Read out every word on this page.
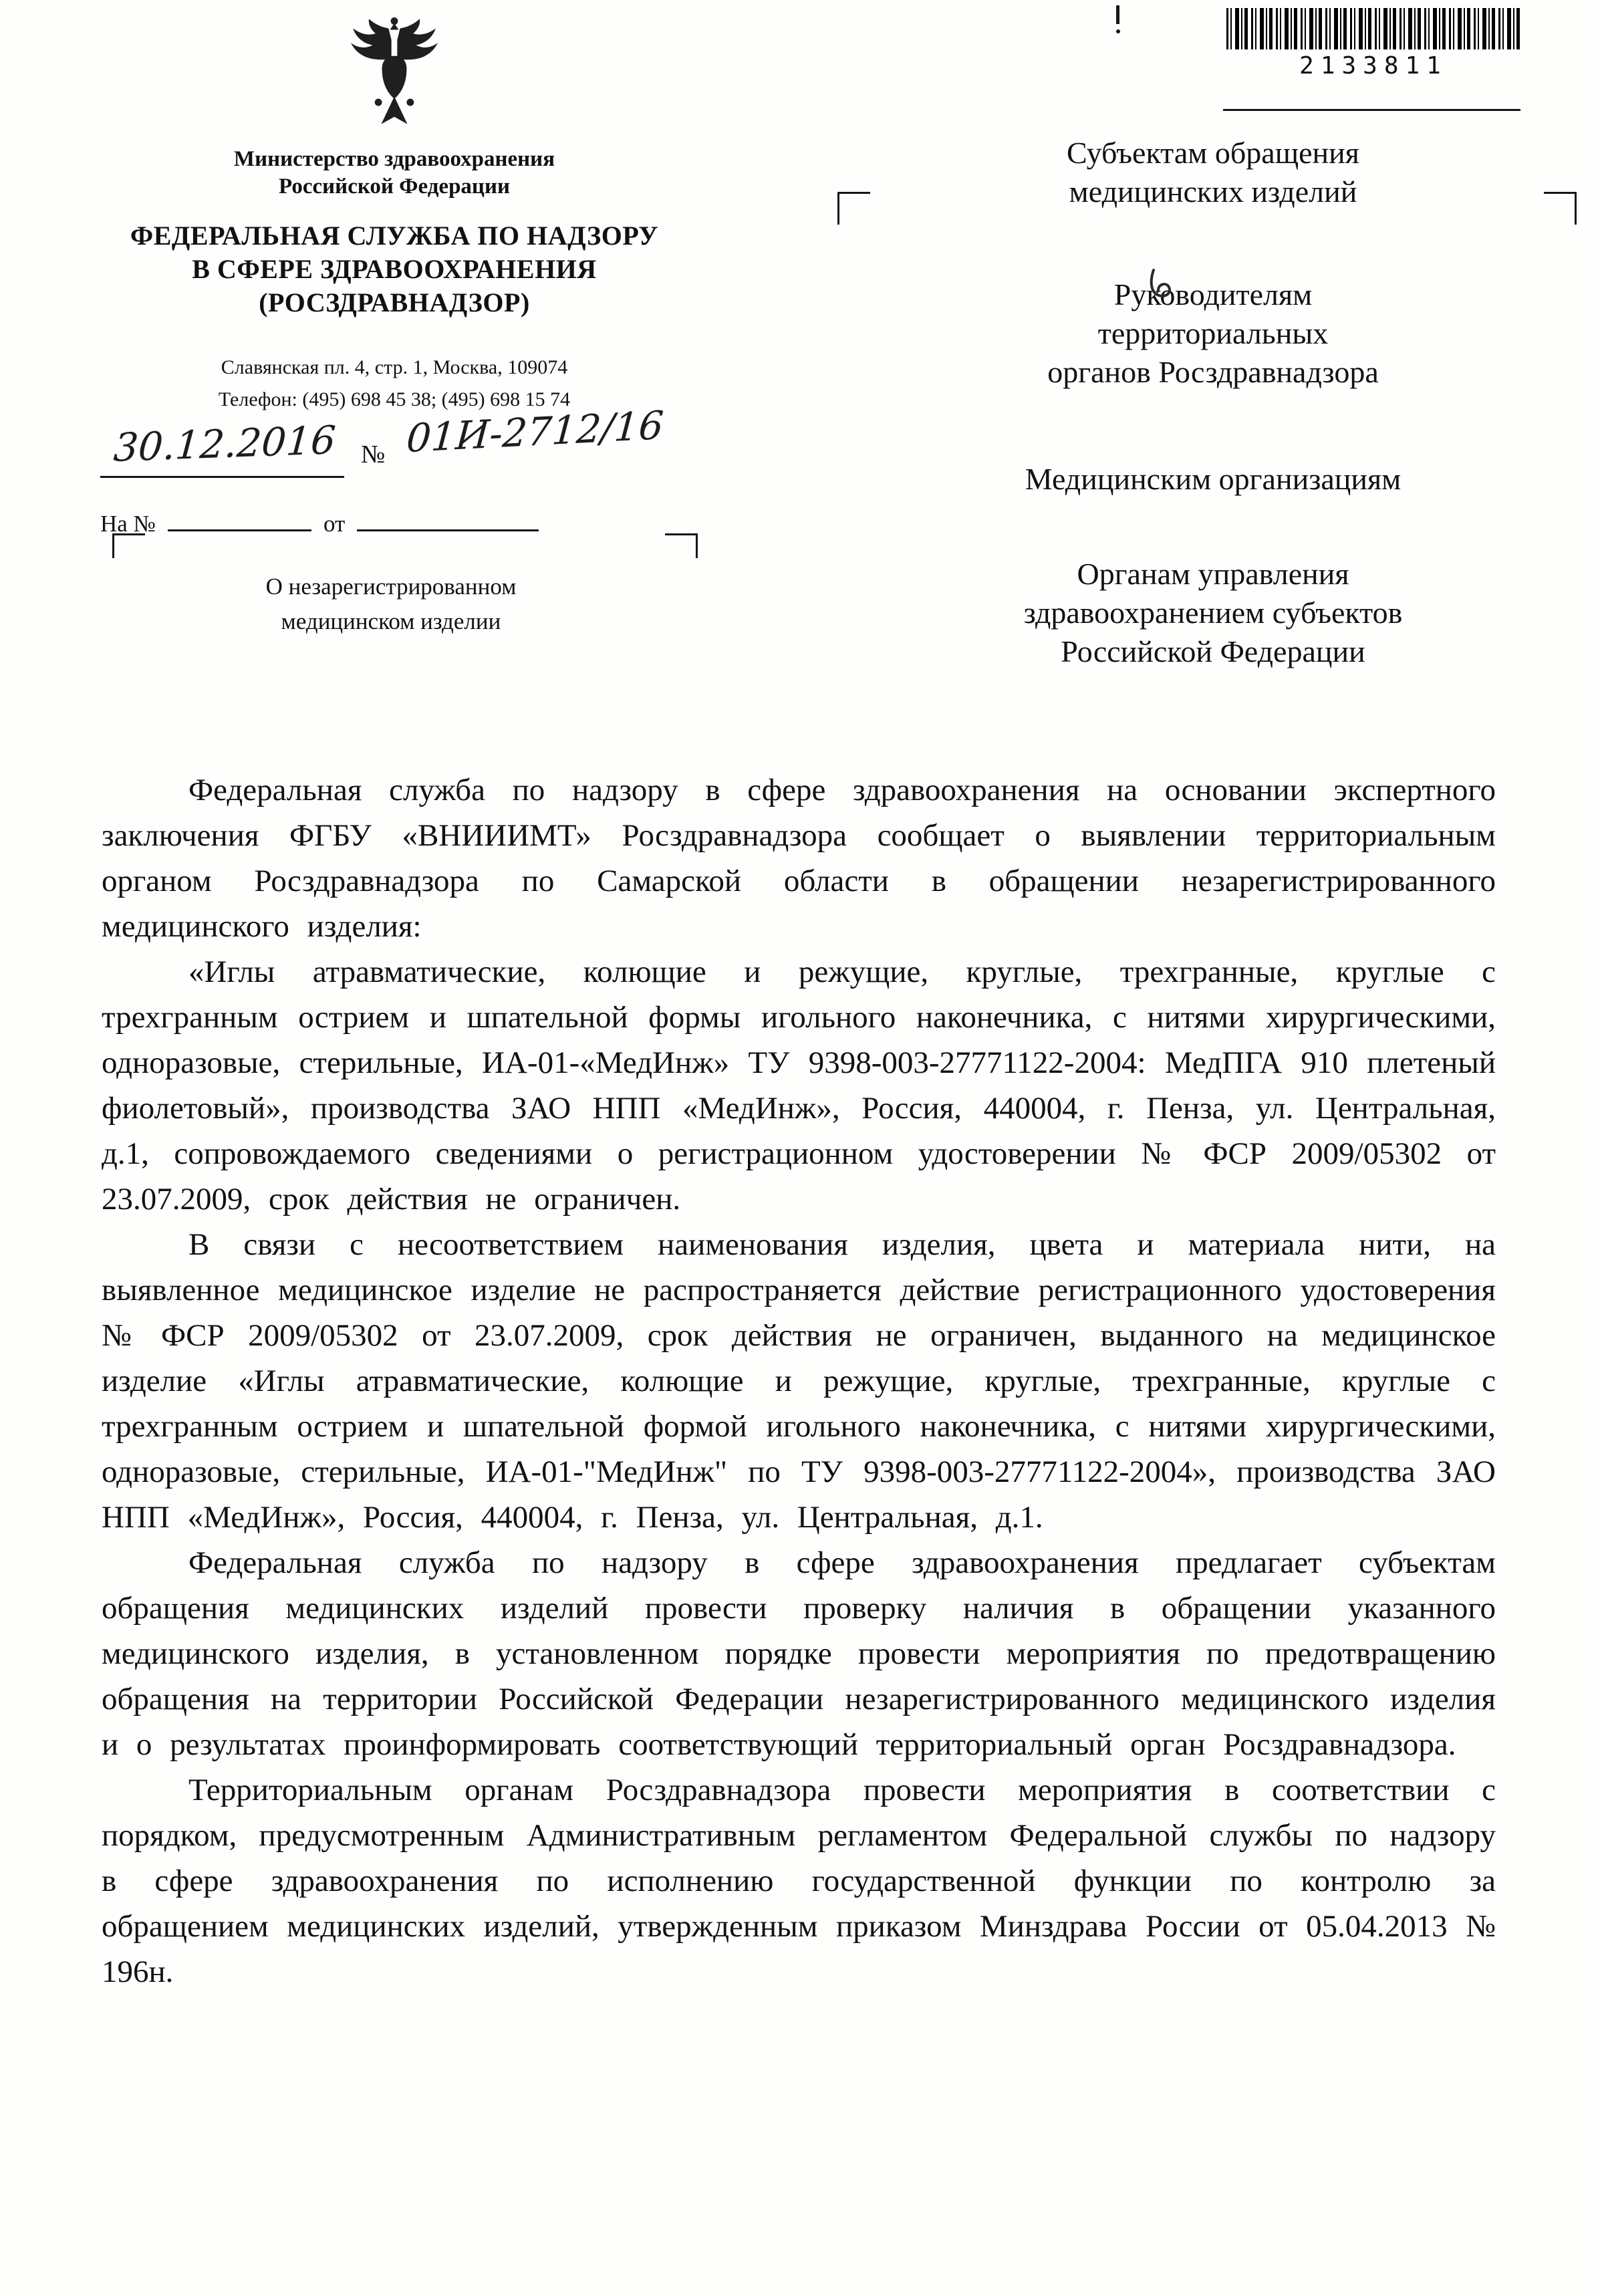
Министерство здравоохранения
Российской Федерации
ФЕДЕРАЛЬНАЯ СЛУЖБА ПО НАДЗОРУ
В СФЕРЕ ЗДРАВООХРАНЕНИЯ
(РОСЗДРАВНАДЗОР)
Славянская пл. 4, стр. 1, Москва, 109074
Телефон: (495) 698 45 38; (495) 698 15 74
30.12.2016 № 01И-2712/16
На №	от
О незарегистрированном
медицинском изделии
2133811
Субъектам обращения
медицинских изделий
Руководителям
территориальных
органов Росздравнадзора
Медицинским организациям
Органам управления
здравоохранением субъектов
Российской Федерации

Федеральная служба по надзору в сфере здравоохранения на основании экспертного заключения ФГБУ «ВНИИИМТ» Росздравнадзора сообщает о выявлении территориальным органом Росздравнадзора по Самарской области в обращении незарегистрированного медицинского изделия:

«Иглы атравматические, колющие и режущие, круглые, трехгранные, круглые с трехгранным острием и шпательной формы игольного наконечника, с нитями хирургическими, одноразовые, стерильные, ИА-01-«МедИнж» ТУ 9398-003-27771122-2004: МедПГА 910 плетеный фиолетовый», производства ЗАО НПП «МедИнж», Россия, 440004, г. Пенза, ул. Центральная, д.1, сопровождаемого сведениями о регистрационном удостоверении № ФСР 2009/05302 от 23.07.2009, срок действия не ограничен.

В связи с несоответствием наименования изделия, цвета и материала нити, на выявленное медицинское изделие не распространяется действие регистрационного удостоверения № ФСР 2009/05302 от 23.07.2009, срок действия не ограничен, выданного на медицинское изделие «Иглы атравматические, колющие и режущие, круглые, трехгранные, круглые с трехгранным острием и шпательной формой игольного наконечника, с нитями хирургическими, одноразовые, стерильные, ИА-01-"МедИнж" по ТУ 9398-003-27771122-2004», производства ЗАО НПП «МедИнж», Россия, 440004, г. Пенза, ул. Центральная, д.1.

Федеральная служба по надзору в сфере здравоохранения предлагает субъектам обращения медицинских изделий провести проверку наличия в обращении указанного медицинского изделия, в установленном порядке провести мероприятия по предотвращению обращения на территории Российской Федерации незарегистрированного медицинского изделия и о результатах проинформировать соответствующий территориальный орган Росздравнадзора.

Территориальным органам Росздравнадзора провести мероприятия в соответствии с порядком, предусмотренным Административным регламентом Федеральной службы по надзору в сфере здравоохранения по исполнению государственной функции по контролю за обращением медицинских изделий, утвержденным приказом Минздрава России от 05.04.2013 № 196н.
